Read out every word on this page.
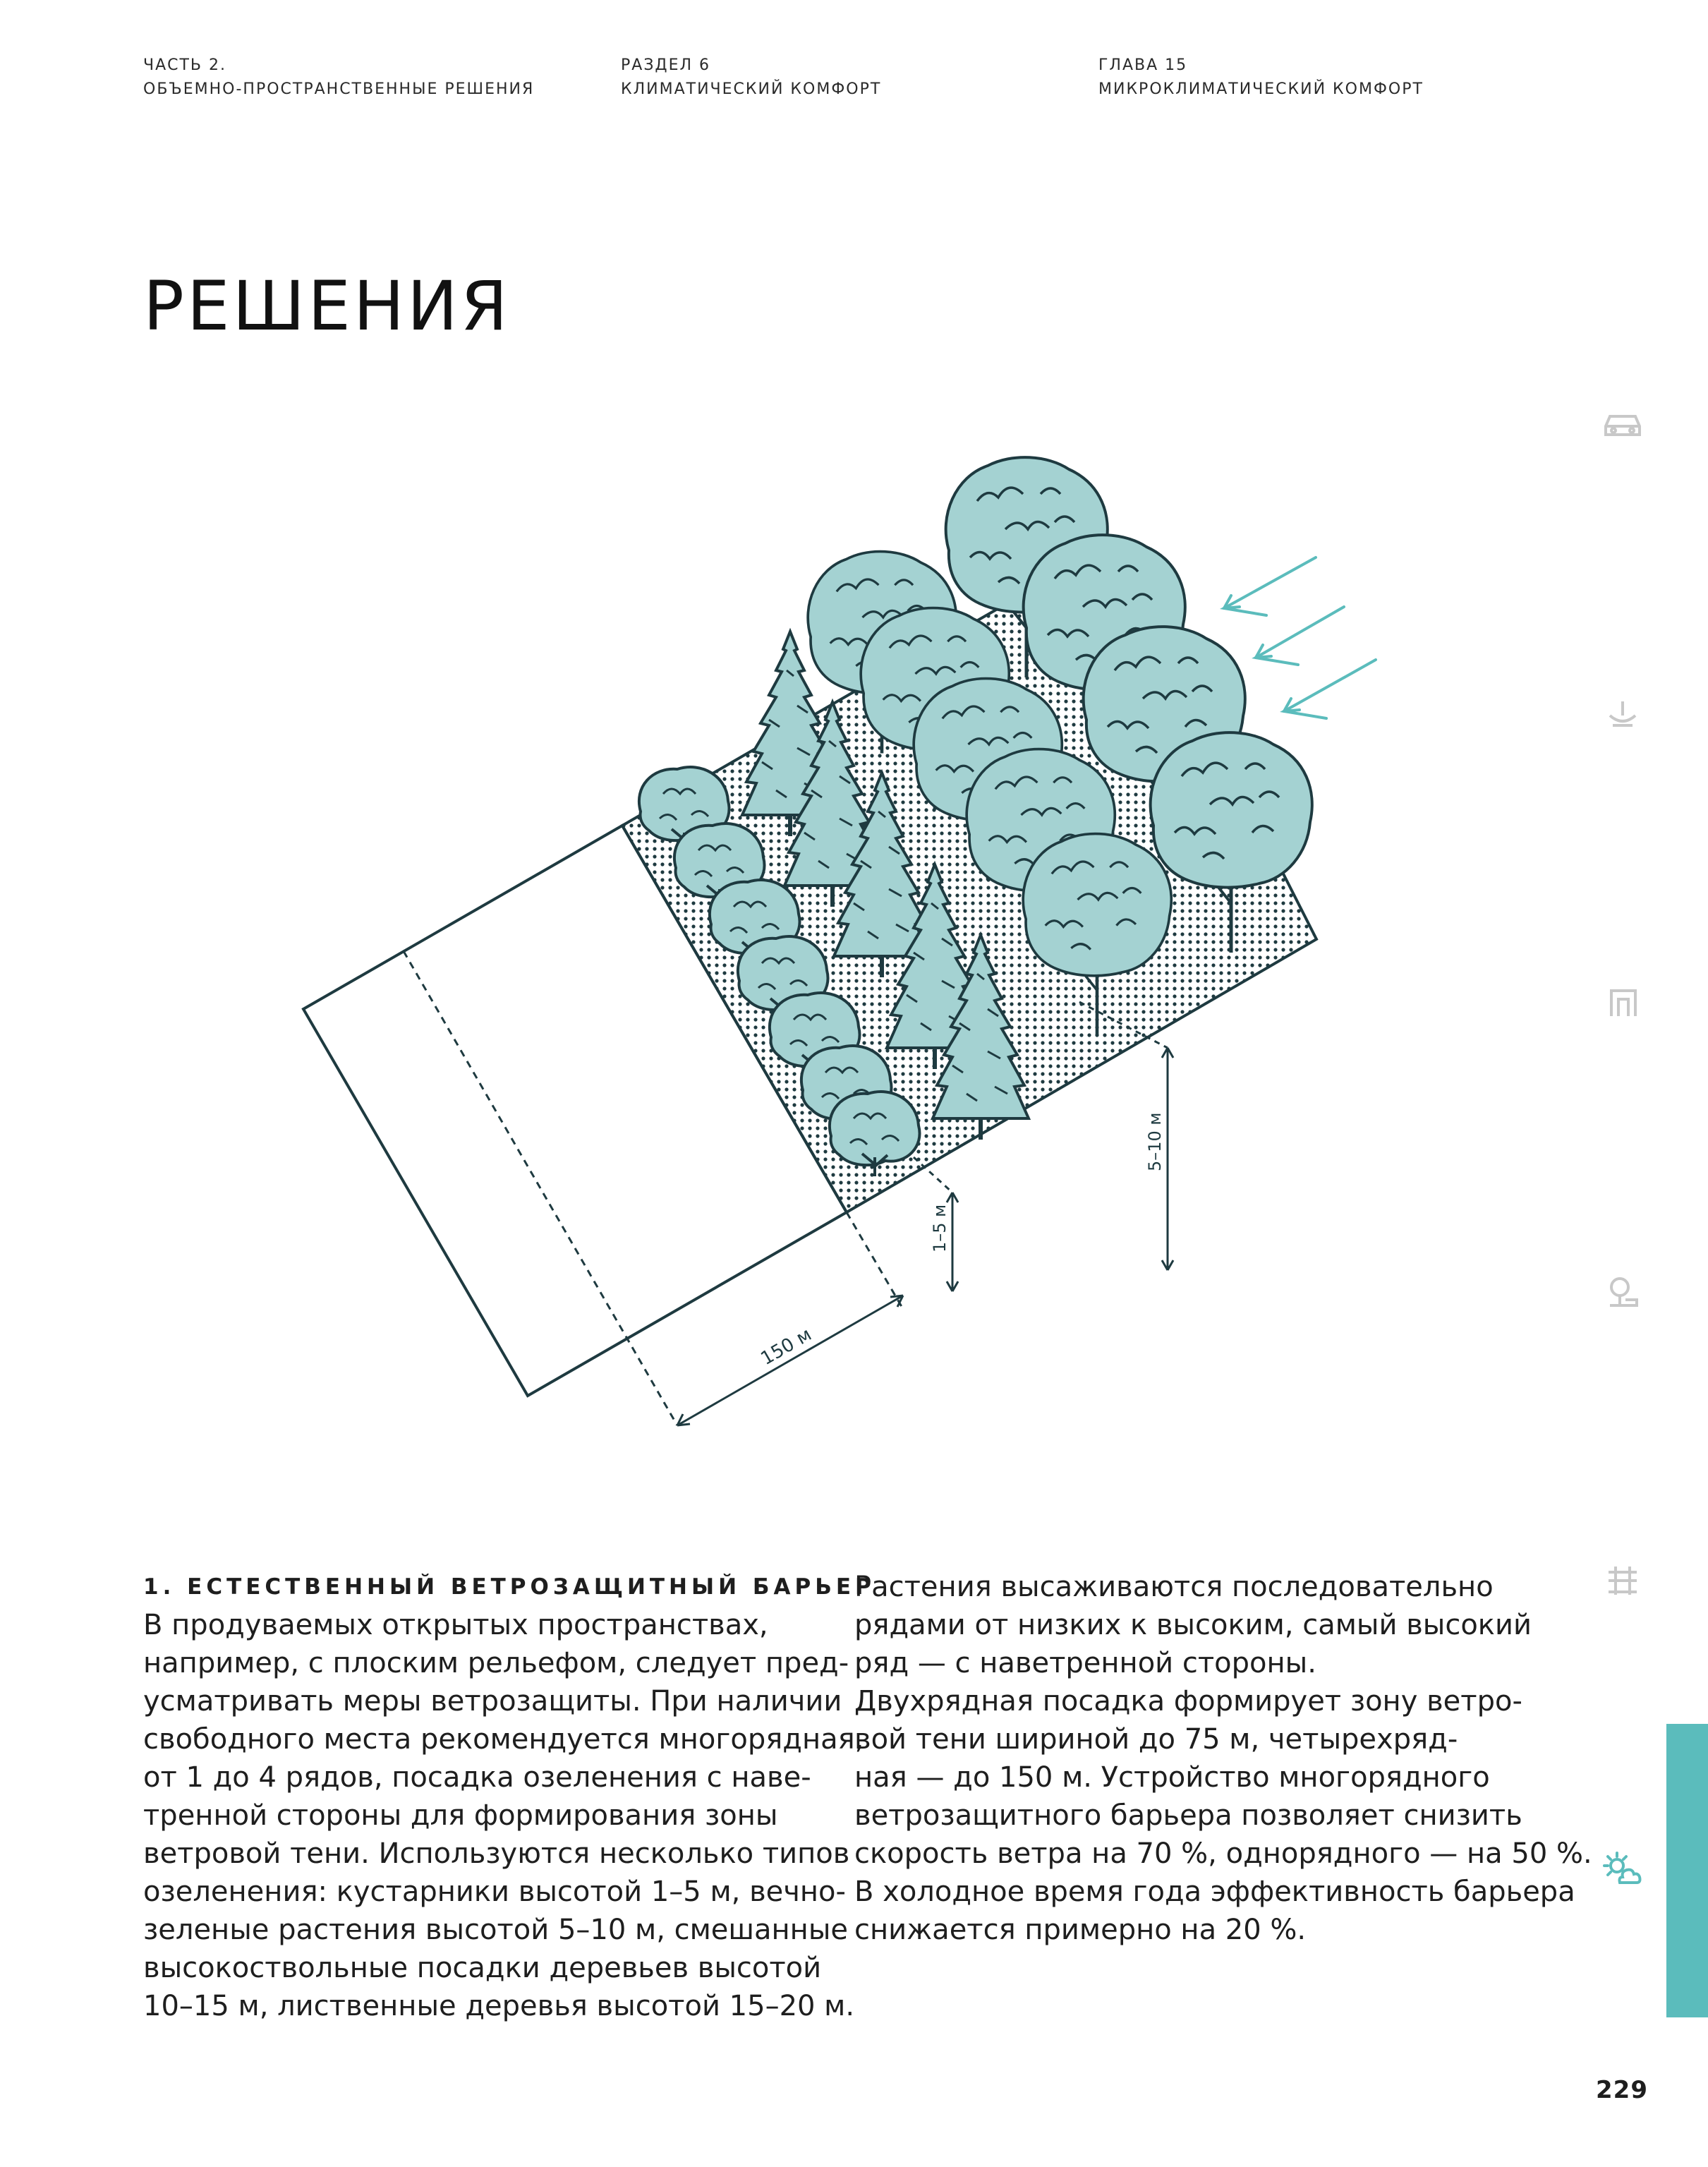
ЧАСТЬ 2.
ОБЪЕМНО-ПРОСТРАНСТВЕННЫЕ РЕШЕНИЯ
РАЗДЕЛ 6
КЛИМАТИЧЕСКИЙ КОМФОРТ
ГЛАВА 15
МИКРОКЛИМАТИЧЕСКИЙ КОМФОРТ
РЕШЕНИЯ
150 м
1–5 м
5–10 м

1. ЕСТЕСТВЕННЫЙ ВЕТРОЗАЩИТНЫЙ БАРЬЕР

В продуваемых открытых пространствах,

например, с плоским рельефом, следует пред-

усматривать меры ветрозащиты. При наличии

свободного места рекомендуется многорядная,

от 1 до 4 рядов, посадка озеленения с наве-

тренной стороны для формирования зоны

ветровой тени. Используются несколько типов

озеленения: кустарники высотой 1–5 м, вечно-

зеленые растения высотой 5–10 м, смешанные

высокоствольные посадки деревьев высотой

10–15 м, лиственные деревья высотой 15–20 м.

Растения высаживаются последовательно

рядами от низких к высоким, самый высокий

ряд — с наветренной стороны.

Двухрядная посадка формирует зону ветро-

вой тени шириной до 75 м, четырехряд-

ная — до 150 м. Устройство многорядного

ветрозащитного барьера позволяет снизить

скорость ветра на 70 %, однорядного — на 50 %.

В холодное время года эффективность барьера

снижается примерно на 20 %.

229
